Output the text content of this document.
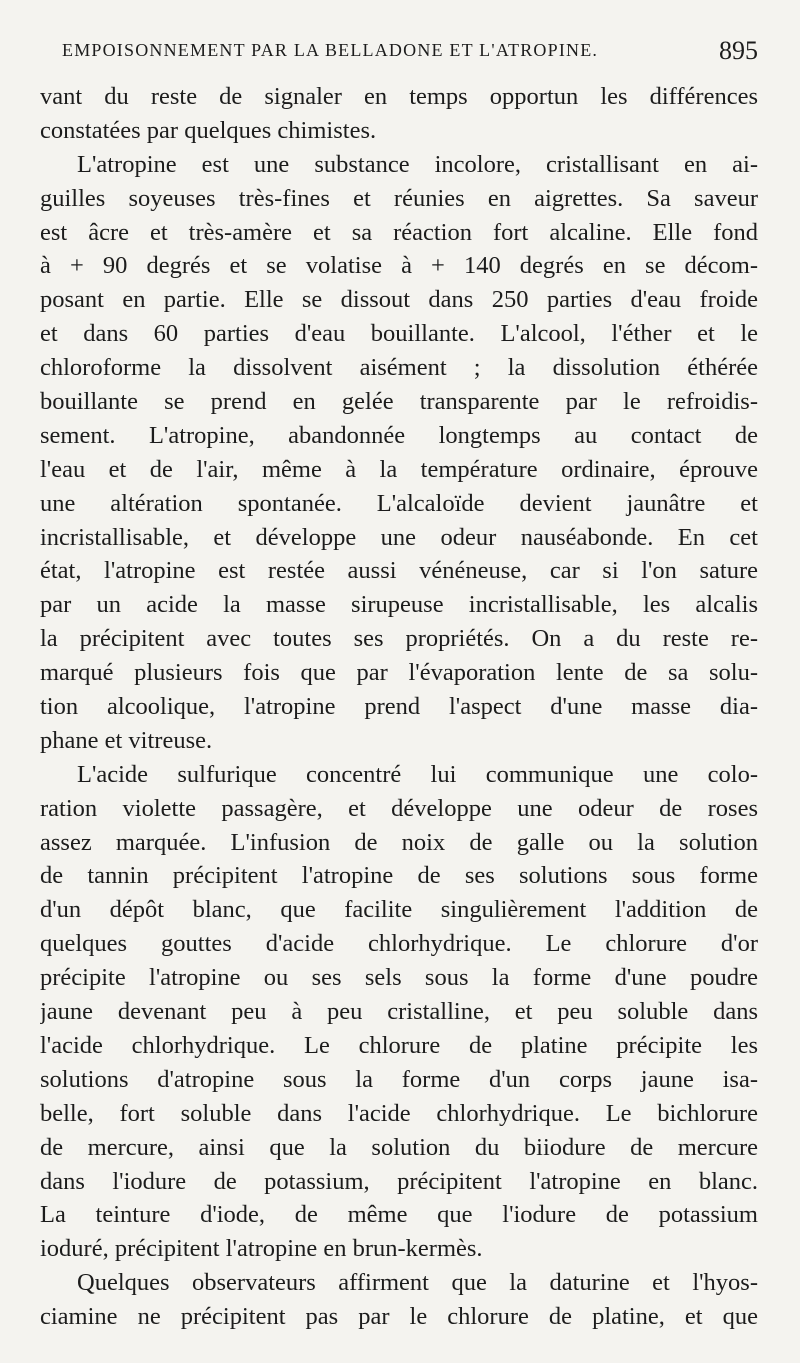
EMPOISONNEMENT PAR LA BELLADONE ET L'ATROPINE.	895
vant du reste de signaler en temps opportun les différences
constatées par quelques chimistes.
L'atropine est une substance incolore, cristallisant en ai-
guilles soyeuses très-fines et réunies en aigrettes. Sa saveur
est âcre et très-amère et sa réaction fort alcaline. Elle fond
à + 90 degrés et se volatise à + 140 degrés en se décom-
posant en partie. Elle se dissout dans 250 parties d'eau froide
et dans 60 parties d'eau bouillante. L'alcool, l'éther et le
chloroforme la dissolvent aisément ; la dissolution éthérée
bouillante se prend en gelée transparente par le refroidis-
sement. L'atropine, abandonnée longtemps au contact de
l'eau et de l'air, même à la température ordinaire, éprouve
une altération spontanée. L'alcaloïde devient jaunâtre et
incristallisable, et développe une odeur nauséabonde. En cet
état, l'atropine est restée aussi vénéneuse, car si l'on sature
par un acide la masse sirupeuse incristallisable, les alcalis
la précipitent avec toutes ses propriétés. On a du reste re-
marqué plusieurs fois que par l'évaporation lente de sa solu-
tion alcoolique, l'atropine prend l'aspect d'une masse dia-
phane et vitreuse.
L'acide sulfurique concentré lui communique une colo-
ration violette passagère, et développe une odeur de roses
assez marquée. L'infusion de noix de galle ou la solution
de tannin précipitent l'atropine de ses solutions sous forme
d'un dépôt blanc, que facilite singulièrement l'addition de
quelques gouttes d'acide chlorhydrique. Le chlorure d'or
précipite l'atropine ou ses sels sous la forme d'une poudre
jaune devenant peu à peu cristalline, et peu soluble dans
l'acide chlorhydrique. Le chlorure de platine précipite les
solutions d'atropine sous la forme d'un corps jaune isa-
belle, fort soluble dans l'acide chlorhydrique. Le bichlorure
de mercure, ainsi que la solution du biiodure de mercure
dans l'iodure de potassium, précipitent l'atropine en blanc.
La teinture d'iode, de même que l'iodure de potassium
ioduré, précipitent l'atropine en brun-kermès.
Quelques observateurs affirment que la daturine et l'hyos-
ciamine ne précipitent pas par le chlorure de platine, et que
